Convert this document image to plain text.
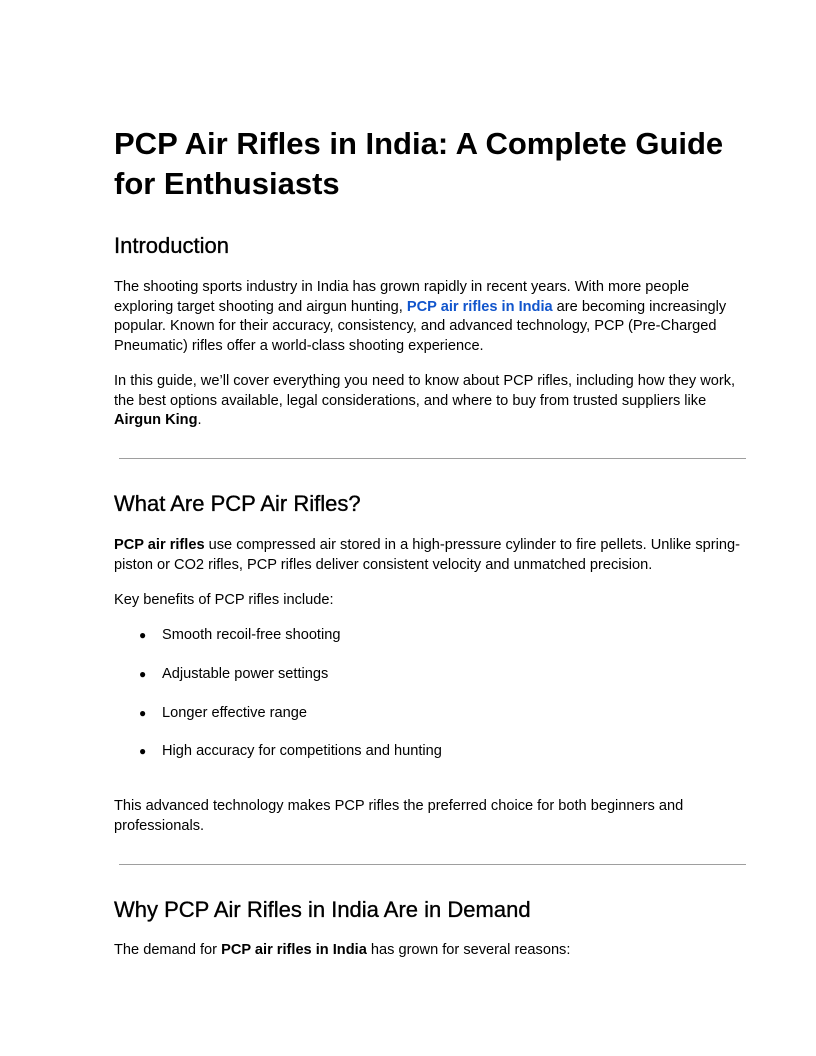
PCP Air Rifles in India: A Complete Guide for Enthusiasts
Introduction

The shooting sports industry in India has grown rapidly in recent years. With more people exploring target shooting and airgun hunting, PCP air rifles in India are becoming increasingly popular. Known for their accuracy, consistency, and advanced technology, PCP (Pre-Charged Pneumatic) rifles offer a world-class shooting experience.

In this guide, we’ll cover everything you need to know about PCP rifles, including how they work, the best options available, legal considerations, and where to buy from trusted suppliers like Airgun King.

What Are PCP Air Rifles?

PCP air rifles use compressed air stored in a high-pressure cylinder to fire pellets. Unlike spring-piston or CO2 rifles, PCP rifles deliver consistent velocity and unmatched precision.

Key benefits of PCP rifles include:

● Smooth recoil-free shooting
● Adjustable power settings
● Longer effective range
● High accuracy for competitions and hunting

This advanced technology makes PCP rifles the preferred choice for both beginners and professionals.

Why PCP Air Rifles in India Are in Demand

The demand for PCP air rifles in India has grown for several reasons:
